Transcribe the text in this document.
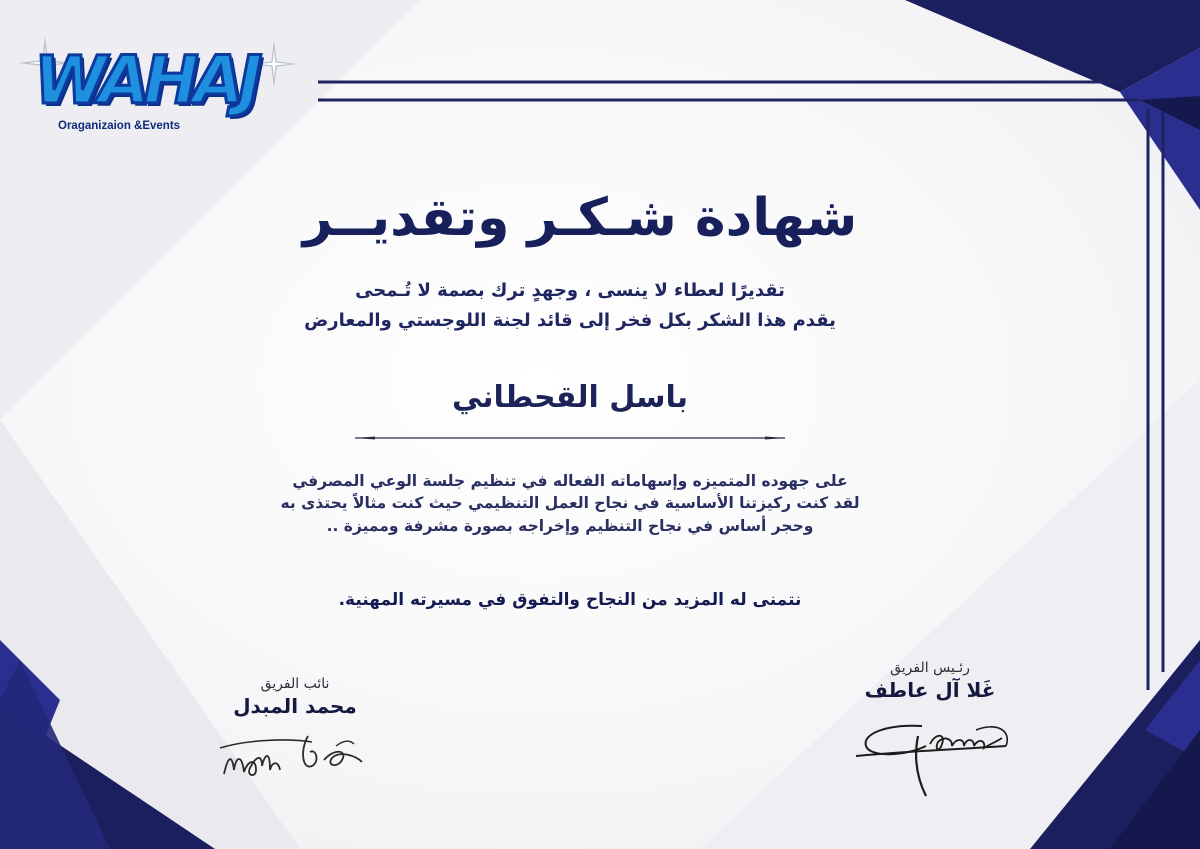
WAHAJ
Oraganizaion &Events
شهادة شـكـر وتقديــر

تقديرًا لعطاء لا ينسى ، وجهدٍ ترك بصمة لا تُـمحى

يقدم هذا الشكر بكل فخر إلى قائد لجنة اللوجستي والمعارض

باسل القحطاني

على جهوده المتميزه وإسهاماته الفعاله في تنظيم جلسة الوعي المصرفي
لقد كنت ركيزتنا الأساسية في نجاح العمل التنظيمي حيث كنت مثالاً يحتذى به
وحجر أساس في نجاح التنظيم وإخراجه بصورة مشرفة ومميزة ..

نتمنى له المزيد من النجاح والتفوق في مسيرته المهنية.

نائب الفريق
محمد المبدل
رئـيس الفريق
غَلا آل عاطف
